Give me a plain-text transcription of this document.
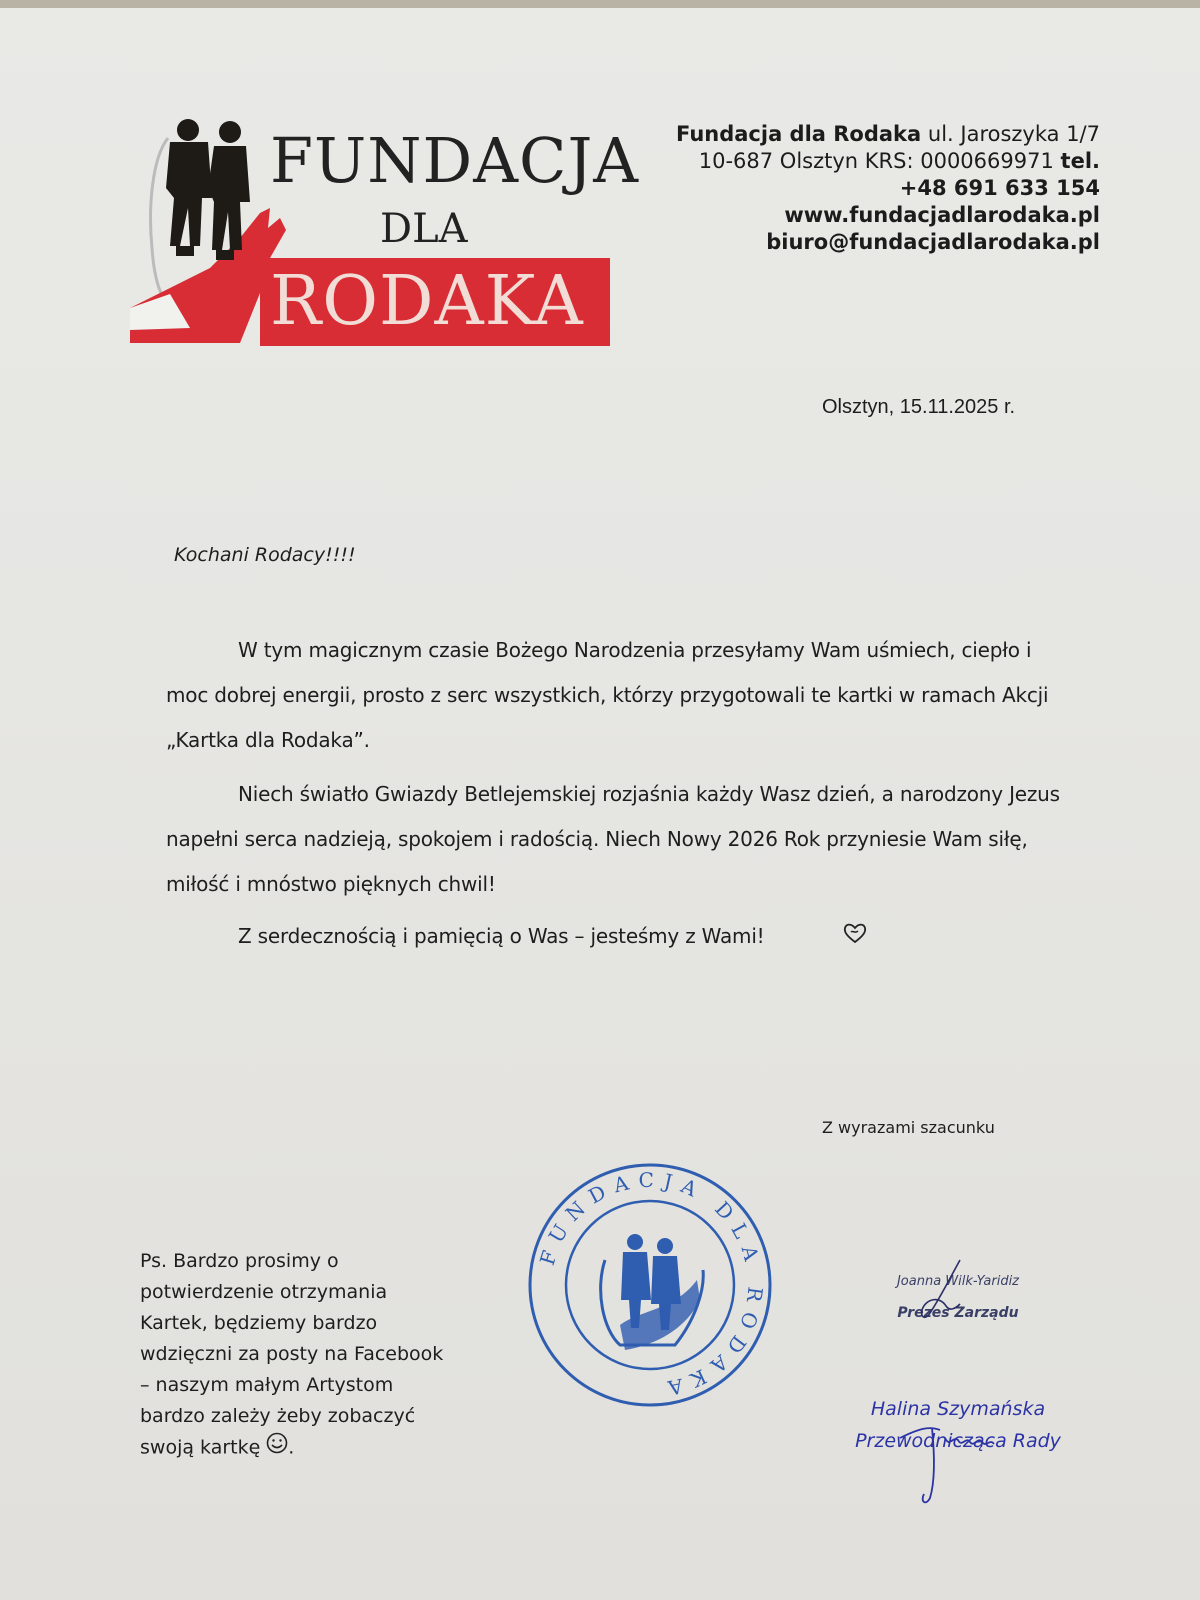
FUNDACJA
DLA
RODAKA
Fundacja dla Rodaka ul. Jaroszyka 1/7
10-687 Olsztyn KRS: 0000669971 tel.
+48 691 633 154
www.fundacjadlarodaka.pl
biuro@fundacjadlarodaka.pl
Olsztyn, 15.11.2025 r.
Kochani Rodacy!!!!
W tym magicznym czasie Bożego Narodzenia przesyłamy Wam uśmiech, ciepło i moc dobrej energii, prosto z serc wszystkich, którzy przygotowali te kartki w ramach Akcji „Kartka dla Rodaka”.
Niech światło Gwiazdy Betlejemskiej rozjaśnia każdy Wasz dzień, a narodzony Jezus napełni serca nadzieją, spokojem i radością. Niech Nowy 2026 Rok przyniesie Wam siłę, miłość i mnóstwo pięknych chwil!
Z serdecznością i pamięcią o Was – jesteśmy z Wami!
Z wyrazami szacunku
Ps. Bardzo prosimy o potwierdzenie otrzymania Kartek, będziemy bardzo wdzięczni za posty na Facebook – naszym małym Artystom bardzo zależy żeby zobaczyć swoją kartkę .
FUNDACJA DLA RODAKA
Joanna Wilk-Yaridiz
Prezes Zarządu
Halina Szymańska
Przewodnicząca Rady
